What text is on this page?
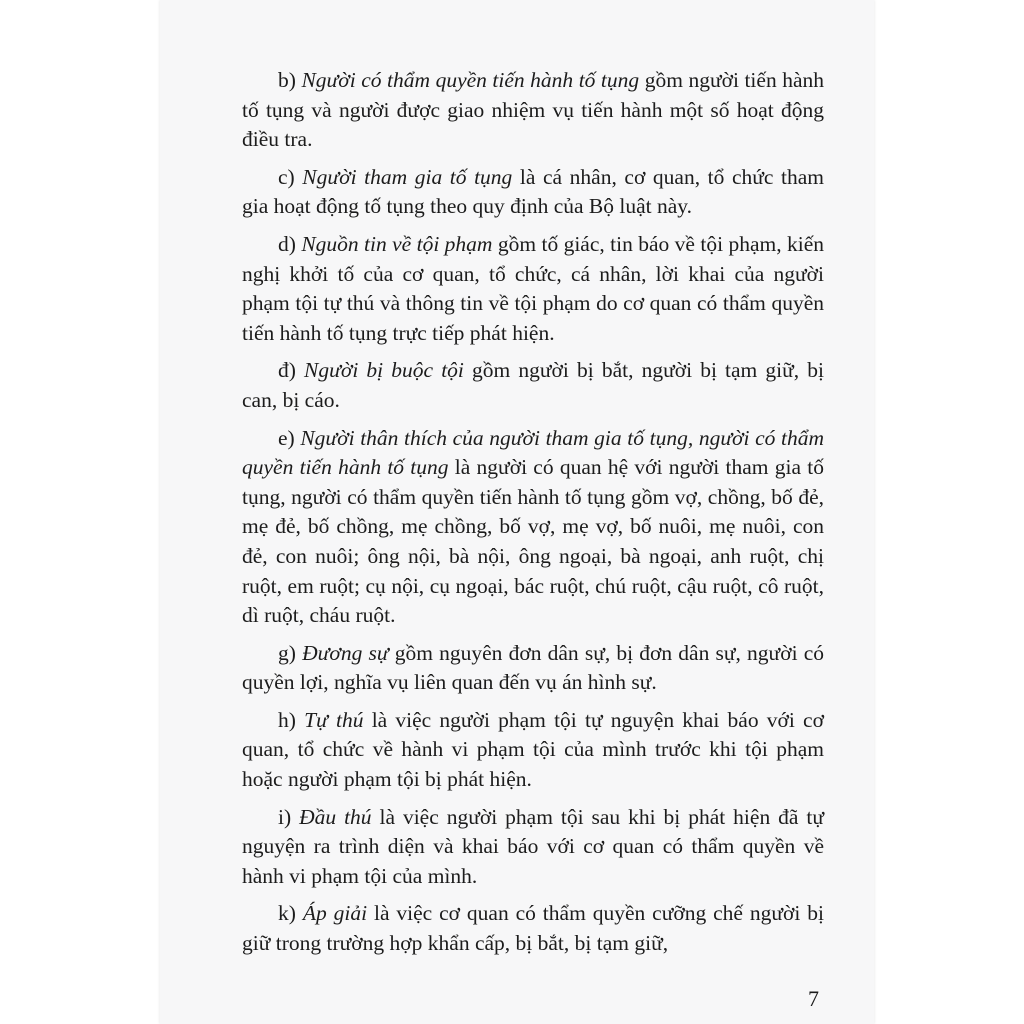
b) Người có thẩm quyền tiến hành tố tụng gồm người tiến hành tố tụng và người được giao nhiệm vụ tiến hành một số hoạt động điều tra.

c) Người tham gia tố tụng là cá nhân, cơ quan, tổ chức tham gia hoạt động tố tụng theo quy định của Bộ luật này.

d) Nguồn tin về tội phạm gồm tố giác, tin báo về tội phạm, kiến nghị khởi tố của cơ quan, tổ chức, cá nhân, lời khai của người phạm tội tự thú và thông tin về tội phạm do cơ quan có thẩm quyền tiến hành tố tụng trực tiếp phát hiện.

đ) Người bị buộc tội gồm người bị bắt, người bị tạm giữ, bị can, bị cáo.

e) Người thân thích của người tham gia tố tụng, người có thẩm quyền tiến hành tố tụng là người có quan hệ với người tham gia tố tụng, người có thẩm quyền tiến hành tố tụng gồm vợ, chồng, bố đẻ, mẹ đẻ, bố chồng, mẹ chồng, bố vợ, mẹ vợ, bố nuôi, mẹ nuôi, con đẻ, con nuôi; ông nội, bà nội, ông ngoại, bà ngoại, anh ruột, chị ruột, em ruột; cụ nội, cụ ngoại, bác ruột, chú ruột, cậu ruột, cô ruột, dì ruột, cháu ruột.

g) Đương sự gồm nguyên đơn dân sự, bị đơn dân sự, người có quyền lợi, nghĩa vụ liên quan đến vụ án hình sự.

h) Tự thú là việc người phạm tội tự nguyện khai báo với cơ quan, tổ chức về hành vi phạm tội của mình trước khi tội phạm hoặc người phạm tội bị phát hiện.

i) Đầu thú là việc người phạm tội sau khi bị phát hiện đã tự nguyện ra trình diện và khai báo với cơ quan có thẩm quyền về hành vi phạm tội của mình.

k) Áp giải là việc cơ quan có thẩm quyền cưỡng chế người bị giữ trong trường hợp khẩn cấp, bị bắt, bị tạm giữ,

7
